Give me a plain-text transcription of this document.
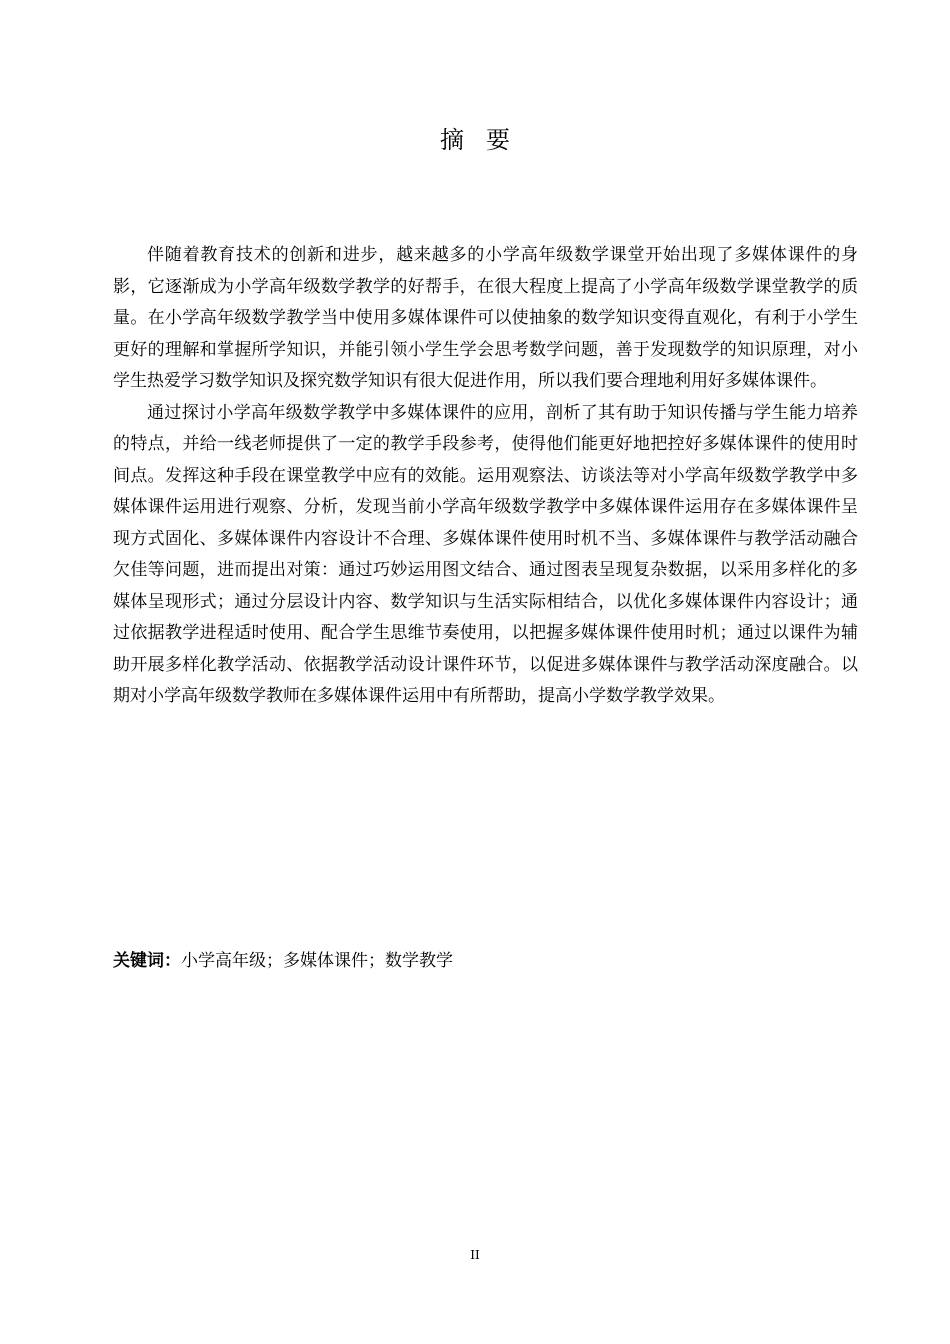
摘要

伴随着教育技术的创新和进步，越来越多的小学高年级数学课堂开始出现了多媒体课件的身影，它逐渐成为小学高年级数学教学的好帮手，在很大程度上提高了小学高年级数学课堂教学的质量。在小学高年级数学教学当中使用多媒体课件可以使抽象的数学知识变得直观化，有利于小学生更好的理解和掌握所学知识，并能引领小学生学会思考数学问题，善于发现数学的知识原理，对小学生热爱学习数学知识及探究数学知识有很大促进作用，所以我们要合理地利用好多媒体课件。

通过探讨小学高年级数学教学中多媒体课件的应用，剖析了其有助于知识传播与学生能力培养的特点，并给一线老师提供了一定的教学手段参考，使得他们能更好地把控好多媒体课件的使用时间点。发挥这种手段在课堂教学中应有的效能。运用观察法、访谈法等对小学高年级数学教学中多媒体课件运用进行观察、分析，发现当前小学高年级数学教学中多媒体课件运用存在多媒体课件呈现方式固化、多媒体课件内容设计不合理、多媒体课件使用时机不当、多媒体课件与教学活动融合欠佳等问题，进而提出对策：通过巧妙运用图文结合、通过图表呈现复杂数据，以采用多样化的多媒体呈现形式；通过分层设计内容、数学知识与生活实际相结合，以优化多媒体课件内容设计；通过依据教学进程适时使用、配合学生思维节奏使用，以把握多媒体课件使用时机；通过以课件为辅助开展多样化教学活动、依据教学活动设计课件环节，以促进多媒体课件与教学活动深度融合。以期对小学高年级数学教师在多媒体课件运用中有所帮助，提高小学数学教学效果。

关键词：小学高年级；多媒体课件；数学教学
II
